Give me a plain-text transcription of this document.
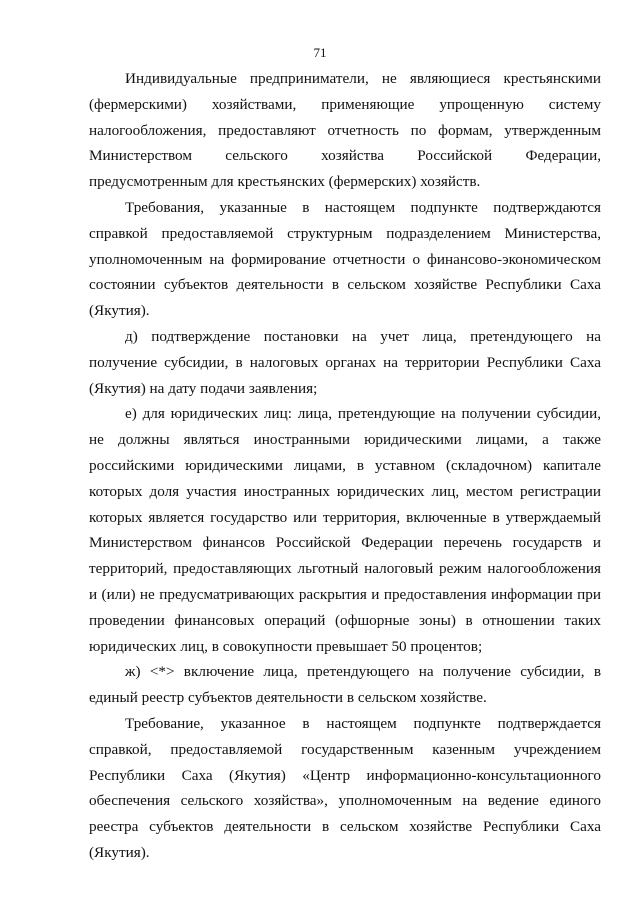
71

Индивидуальные предприниматели, не являющиеся крестьянскими (фермерскими) хозяйствами, применяющие упрощенную систему налогообложения, предоставляют отчетность по формам, утвержденным Министерством сельского хозяйства Российской Федерации, предусмотренным для крестьянских (фермерских) хозяйств.

Требования, указанные в настоящем подпункте подтверждаются справкой предоставляемой структурным подразделением Министерства, уполномоченным на формирование отчетности о финансово-экономическом состоянии субъектов деятельности в сельском хозяйстве Республики Саха (Якутия).

д) подтверждение постановки на учет лица, претендующего на получение субсидии, в налоговых органах на территории Республики Саха (Якутия) на дату подачи заявления;

е) для юридических лиц: лица, претендующие на получении субсидии, не должны являться иностранными юридическими лицами, а также российскими юридическими лицами, в уставном (складочном) капитале которых доля участия иностранных юридических лиц, местом регистрации которых является государство или территория, включенные в утверждаемый Министерством финансов Российской Федерации перечень государств и территорий, предоставляющих льготный налоговый режим налогообложения и (или) не предусматривающих раскрытия и предоставления информации при проведении финансовых операций (офшорные зоны) в отношении таких юридических лиц, в совокупности превышает 50 процентов;

ж) <*> включение лица, претендующего на получение субсидии, в единый реестр субъектов деятельности в сельском хозяйстве.

Требование, указанное в настоящем подпункте подтверждается справкой, предоставляемой государственным казенным учреждением Республики Саха (Якутия) «Центр информационно-консультационного обеспечения сельского хозяйства», уполномоченным на ведение единого реестра субъектов деятельности в сельском хозяйстве Республики Саха (Якутия).
